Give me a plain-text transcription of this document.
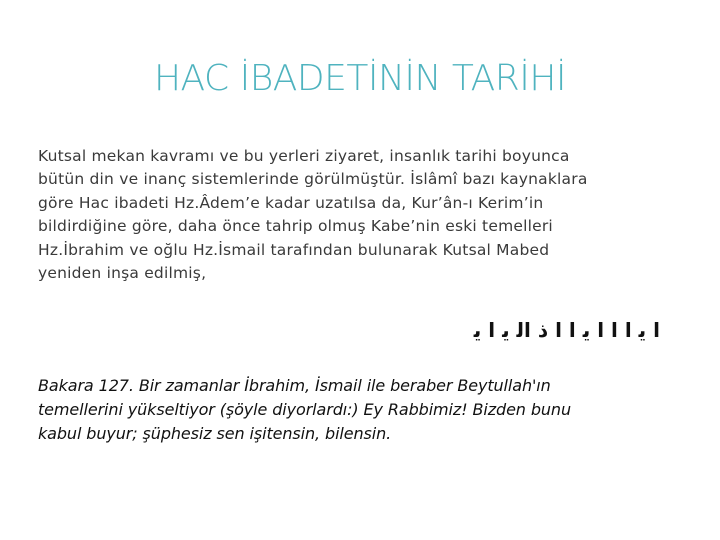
HAC İBADETİNİN TARİHİ
Kutsal mekan kavramı ve bu yerleri ziyaret, insanlık tarihi boyunca
bütün din ve inanç sistemlerinde görülmüştür. İslâmî bazı kaynaklara
göre Hac ibadeti Hz.Âdem’e kadar uzatılsa da, Kur’ân-ı Kerim’in
bildirdiğine göre, daha önce tahrip olmuş Kabe’nin eski temelleri
Hz.İbrahim ve oğlu Hz.İsmail tarafından bulunarak Kutsal Mabed
yeniden inşa edilmiş,
ا ﻳ ا ا ا ﻳ ا ا ﺫ ﺍﻟ ﻳ ﺍ ﻳ
Bakara 127. Bir zamanlar İbrahim, İsmail ile beraber Beytullah'ın
temellerini yükseltiyor (şöyle diyorlardı:) Ey Rabbimiz! Bizden bunu
kabul buyur; şüphesiz sen işitensin, bilensin.
